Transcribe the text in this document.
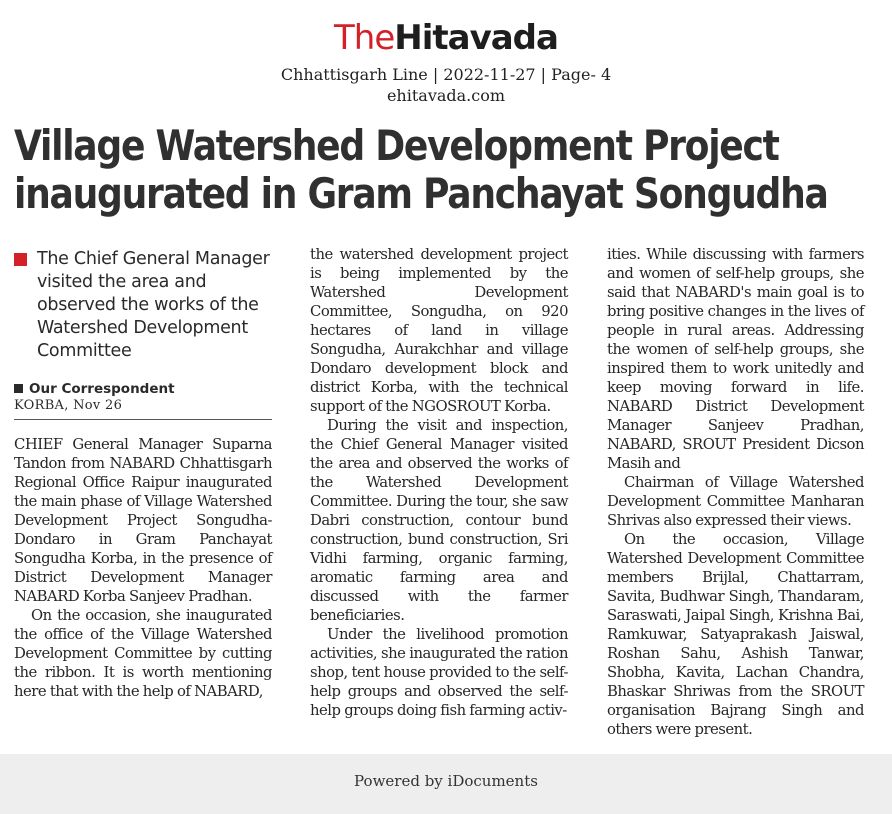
TheHitavada
Chhattisgarh Line | 2022-11-27 | Page- 4
ehitavada.com
Village Watershed Development Project
inaugurated in Gram Panchayat Songudha
The Chief General Manager visited the area and observed the works of the Watershed Development Committee
Our Correspondent
KORBA, Nov 26

CHIEF General Manager Suparna Tandon from NABARD Chhattisgarh Regional Office Raipur inaugurated the main phase of Village Watershed Development Project Songudha-Dondaro in Gram Panchayat Songudha Korba, in the presence of District Development Manager NABARD Korba Sanjeev Pradhan.

On the occasion, she inaugurated the office of the Village Watershed Development Committee by cutting the ribbon. It is worth mentioning here that with the help of NABARD,

the watershed development project is being implemented by the Watershed Development Committee, Songudha, on 920 hectares of land in village Songudha, Aurakchhar and village Dondaro development block and district Korba, with the technical support of the NGOSROUT Korba.

During the visit and inspection, the Chief General Manager visited the area and observed the works of the Watershed Development Committee. During the tour, she saw Dabri construction, contour bund construction, bund construction, Sri Vidhi farming, organic farming, aromatic farming area and discussed with the farmer beneficiaries.

Under the livelihood promotion activities, she inaugurated the ration shop, tent house provided to the self-help groups and observed the self-help groups doing fish farming activ-

ities. While discussing with farmers and women of self-help groups, she said that NABARD's main goal is to bring positive changes in the lives of people in rural areas. Addressing the women of self-help groups, she inspired them to work unitedly and keep moving forward in life. NABARD District Development Manager Sanjeev Pradhan, NABARD, SROUT President Dicson Masih and

Chairman of Village Watershed Development Committee Manharan Shrivas also expressed their views.

On the occasion, Village Watershed Development Committee members Brijlal, Chattarram, Savita, Budhwar Singh, Thandaram, Saraswati, Jaipal Singh, Krishna Bai, Ramkuwar, Satyaprakash Jaiswal, Roshan Sahu, Ashish Tanwar, Shobha, Kavita, Lachan Chandra, Bhaskar Shriwas from the SROUT organisation Bajrang Singh and others were present.

Powered by iDocuments
